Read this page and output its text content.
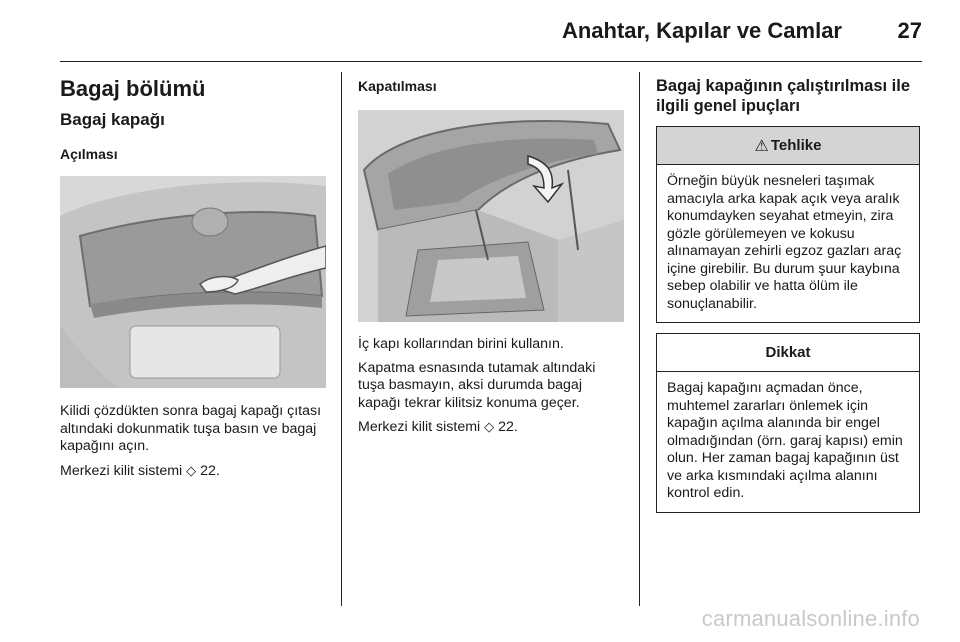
Anahtar, Kapılar ve Camlar	27
Bagaj bölümü
Bagaj kapağı
Açılması

Kilidi çözdükten sonra bagaj kapağı çıtası altındaki dokunmatik tuşa basın ve bagaj kapağını açın.

Merkezi kilit sistemi ◇ 22.

Kapatılması

İç kapı kollarından birini kullanın.

Kapatma esnasında tutamak altındaki tuşa basmayın, aksi durumda bagaj kapağı tekrar kilitsiz konuma geçer.

Merkezi kilit sistemi ◇ 22.

Bagaj kapağının çalıştırılması ile ilgili genel ipuçları
⚠ Tehlike
Örneğin büyük nesneleri taşımak amacıyla arka kapak açık veya aralık konumdayken seyahat etmeyin, zira gözle görülemeyen ve kokusu alınamayan zehirli egzoz gazları araç içine girebilir. Bu durum şuur kaybına sebep olabilir ve hatta ölüm ile sonuçlanabilir.
Dikkat
Bagaj kapağını açmadan önce, muhtemel zararları önlemek için kapağın açılma alanında bir engel olmadığından (örn. garaj kapısı) emin olun. Her zaman bagaj kapağının üst ve arka kısmındaki açılma alanını kontrol edin.
carmanualsonline.info
